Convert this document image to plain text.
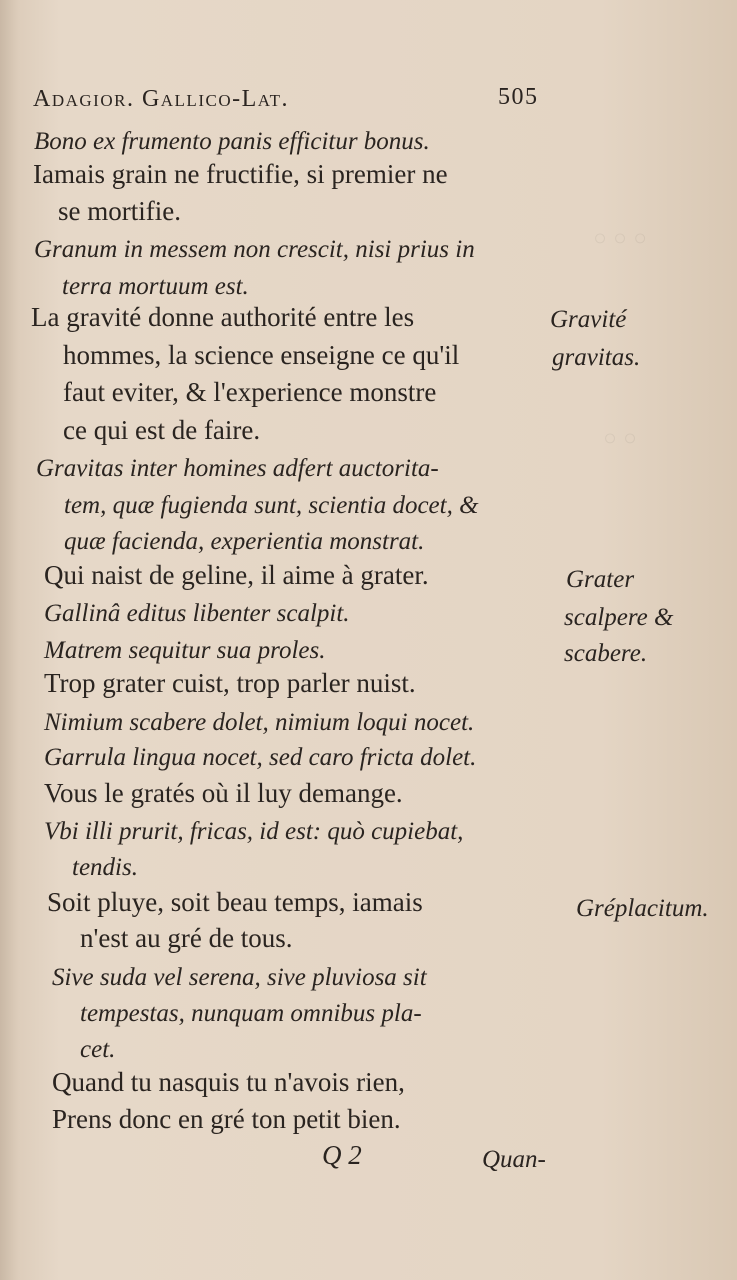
◦◦◦
◦◦
Adagior. Gallico-Lat.	505
Bono ex frumento panis efficitur bonus.
Iamais grain ne fructifie, si premier ne
se mortifie.
Granum in messem non crescit, nisi prius in
terra mortuum est.
La gravité donne authorité entre les
hommes, la science enseigne ce qu'il
faut eviter, & l'experience monstre
ce qui est de faire.
Gravitas inter homines adfert auctorita-
tem, quæ fugienda sunt, scientia docet, &
quæ facienda, experientia monstrat.
Qui naist de geline, il aime à grater.
Gallinâ editus libenter scalpit.
Matrem sequitur sua proles.
Trop grater cuist, trop parler nuist.
Nimium scabere dolet, nimium loqui nocet.
Garrula lingua nocet, sed caro fricta dolet.
Vous le gratés où il luy demange.
Vbi illi prurit, fricas, id est: quò cupiebat,
tendis.
Soit pluye, soit beau temps, iamais
n'est au gré de tous.
Sive suda vel serena, sive pluviosa sit
tempestas, nunquam omnibus pla-
cet.
Quand tu nasquis tu n'avois rien,
Prens donc en gré ton petit bien.
Gravité
gravitas.
Grater
scalpere &
scabere.
Gréplacitum.
Q 2	Quan-
